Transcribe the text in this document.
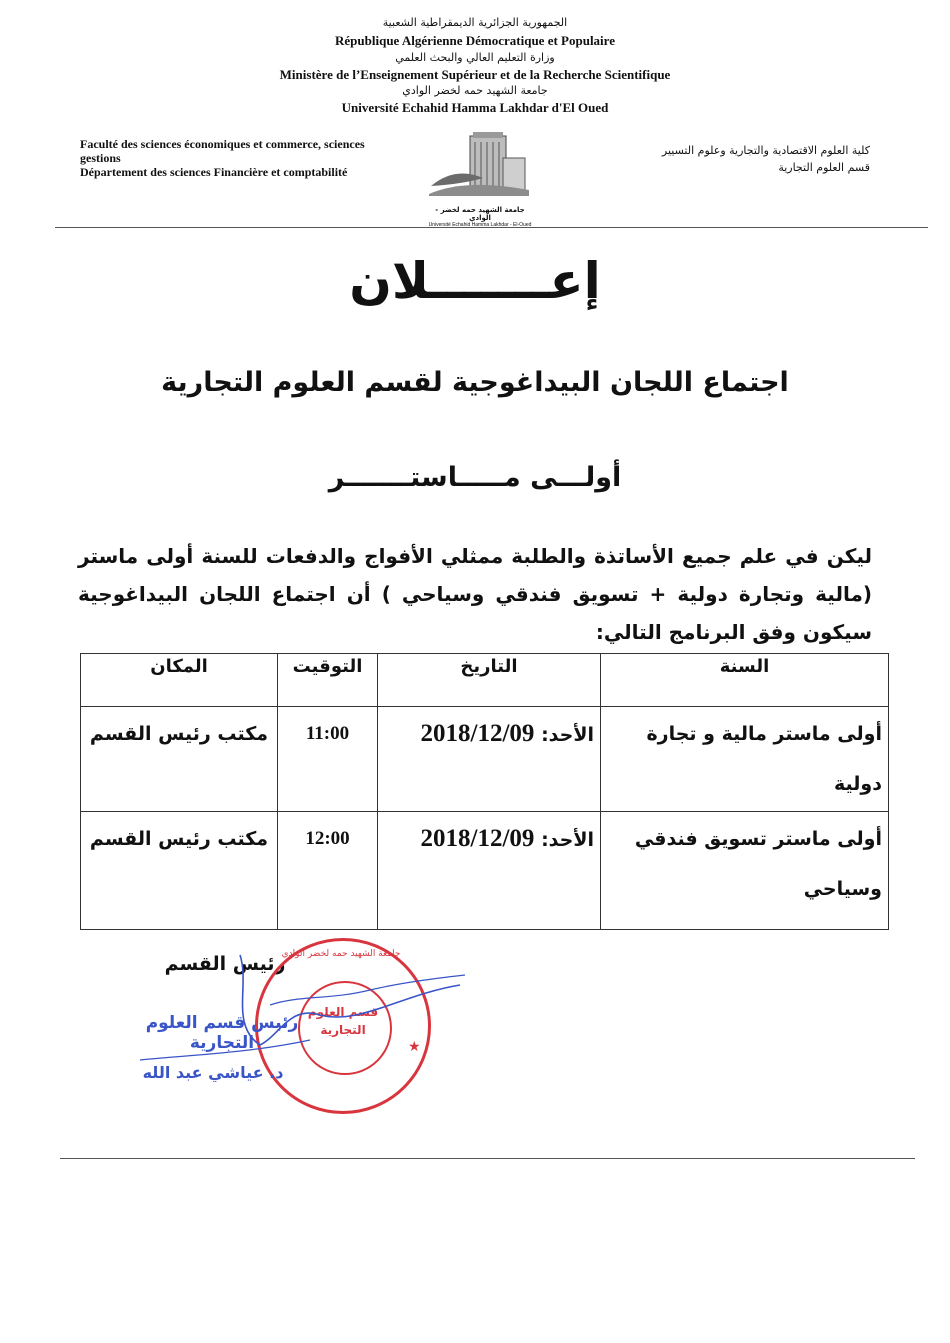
الجمهورية الجزائرية الديمقراطية الشعبية
République Algérienne Démocratique et Populaire
وزارة التعليم العالي والبحث العلمي
Ministère de l’Enseignement Supérieur et de la Recherche Scientifique
جامعة الشهيد حمه لخضر الوادي
Université Echahid Hamma Lakhdar d'El Oued
Faculté des sciences économiques et commerce, sciences
gestions
Département des sciences Financière et comptabilité
جامعة الشهيد حمه لخضر - الوادي
Université Echahid Hamma Lakhdar - El-Oued
كلية العلوم الاقتصادية والتجارية وعلوم التسيير
قسم العلوم التجارية
إعـــــــلان
اجتماع اللجان البيداغوجية لقسم العلوم التجارية
أولـــى مـــــاستـــــــر
ليكن في علم جميع الأساتذة والطلبة ممثلي الأفواج والدفعات للسنة أولى ماستر (مالية وتجارة دولية + تسويق فندقي وسياحي ) أن اجتماع اللجان البيداغوجية سيكون وفق البرنامج التالي:
السنة	التاريخ	التوقيت	المكان
أولى ماستر مالية و تجارة دولية	الأحد: 2018/12/09	11:00	مكتب رئيس القسم
أولى ماستر تسويق فندقي وسياحي	الأحد: 2018/12/09	12:00	مكتب رئيس القسم
رئيس القسم
جامعة الشهيد حمه لخضر الوادي
قسم العلوم
التجارية
★
رئيس قسم العلوم التجارية
د. عياشي عبد الله
